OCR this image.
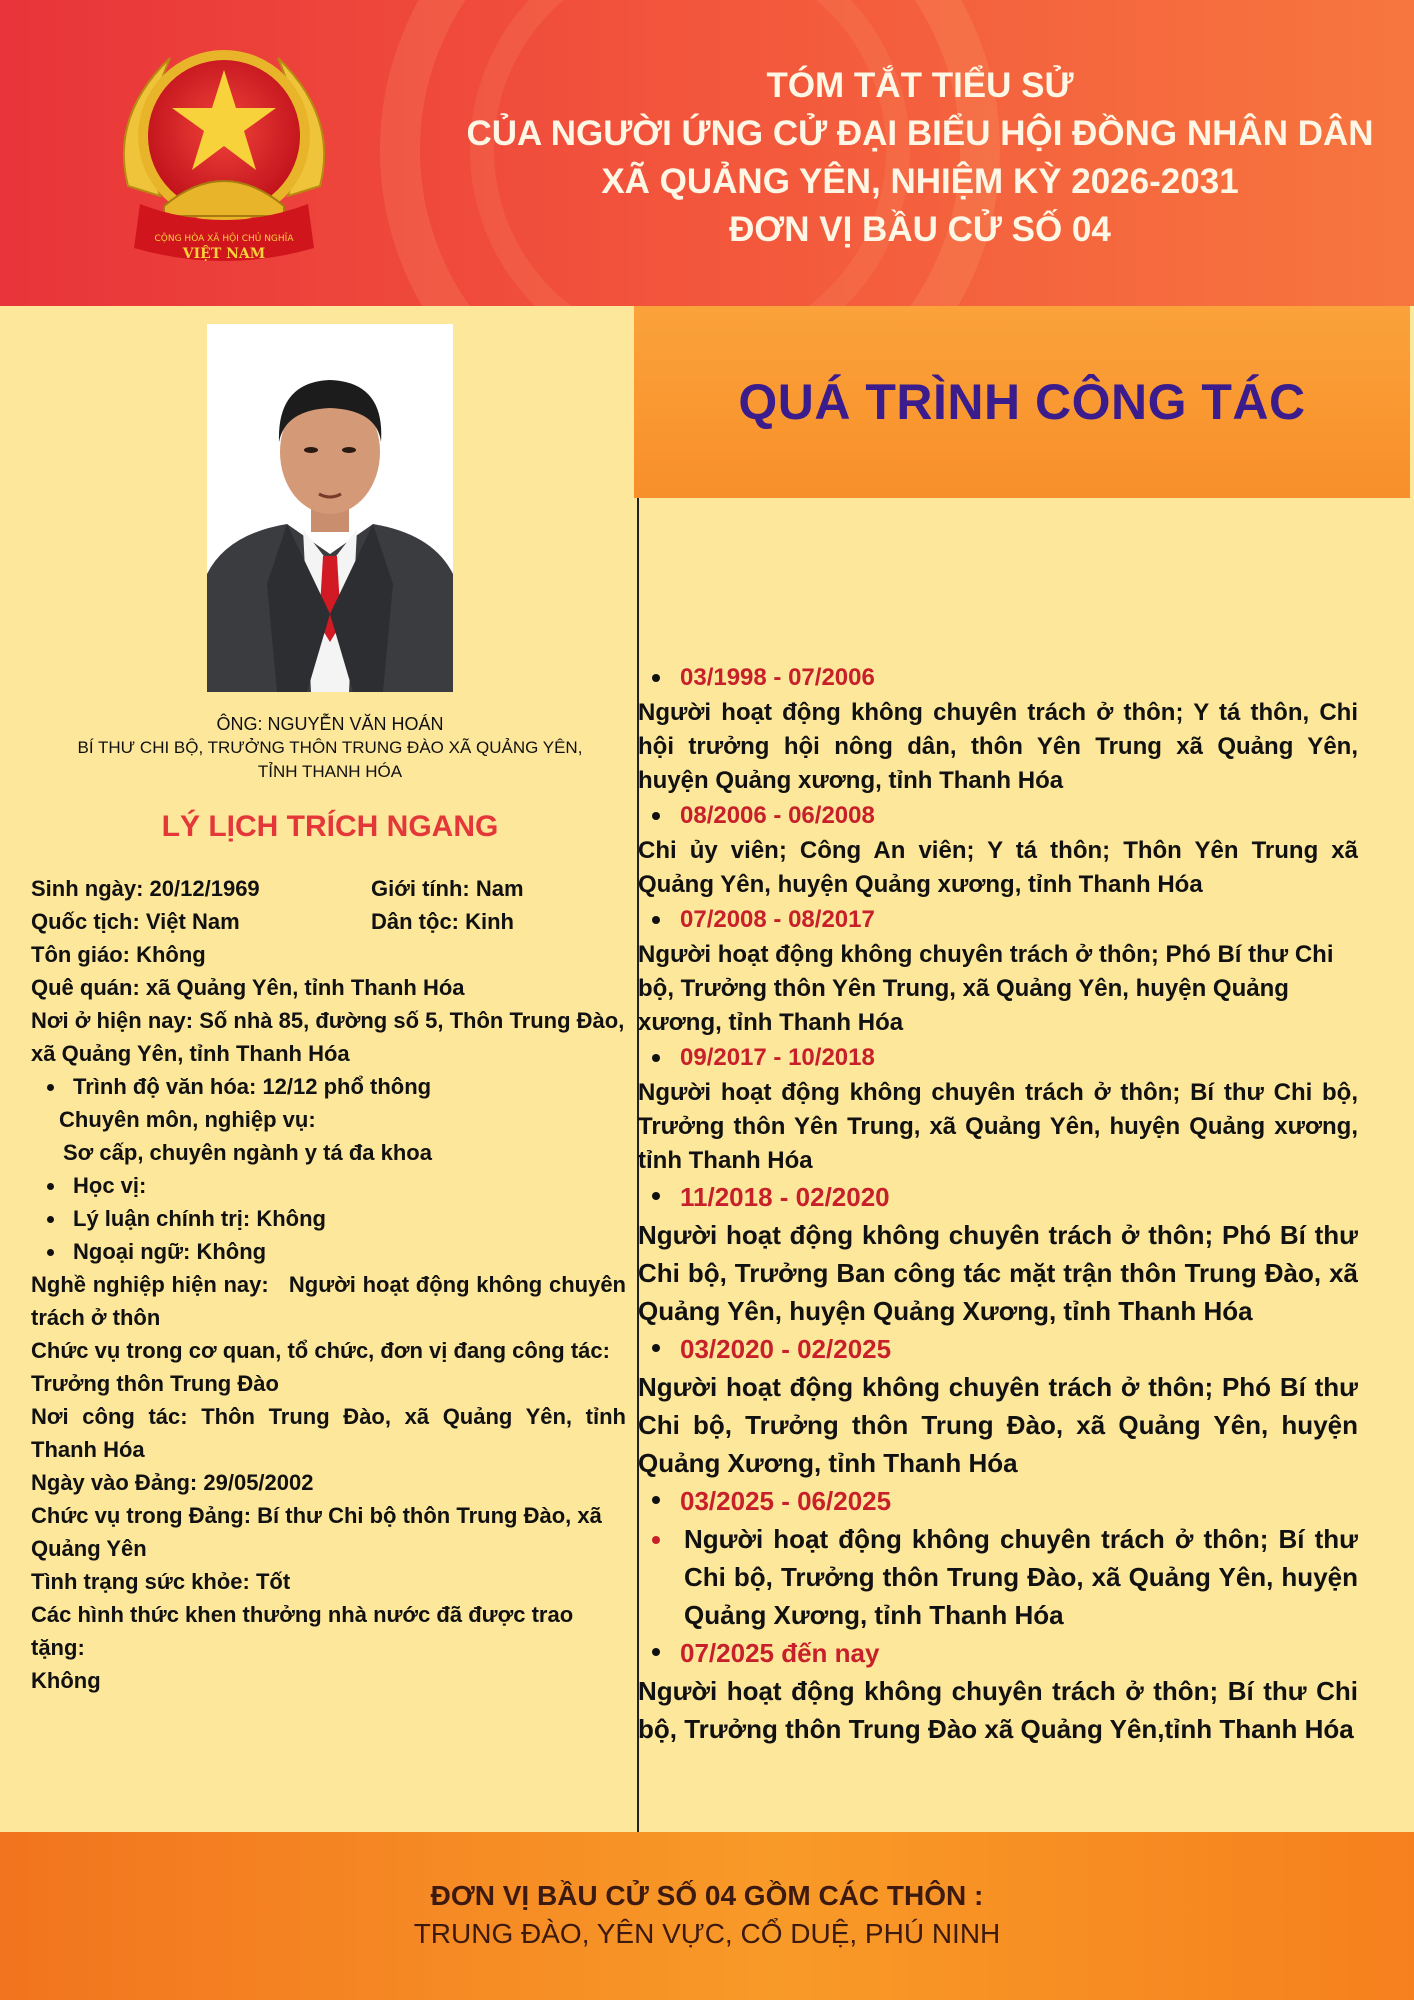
CỘNG HÒA XÃ HỘI CHỦ NGHĨA
VIỆT NAM
TÓM TẮT TIỂU SỬ
CỦA NGƯỜI ỨNG CỬ ĐẠI BIỂU HỘI ĐỒNG NHÂN DÂN
XÃ QUẢNG YÊN, NHIỆM KỲ 2026-2031
ĐƠN VỊ BẦU CỬ SỐ 04
ÔNG: NGUYỄN VĂN HOÁN
BÍ THƯ CHI BỘ, TRƯỞNG THÔN TRUNG ĐÀO XÃ QUẢNG YÊN,
TỈNH THANH HÓA
LÝ LỊCH TRÍCH NGANG
Sinh ngày: 20/12/1969	Giới tính: Nam
Quốc tịch: Việt Nam	Dân tộc: Kinh
Tôn giáo: Không
Quê quán: xã Quảng Yên, tỉnh Thanh Hóa
Nơi ở hiện nay: Số nhà 85, đường số 5, Thôn Trung Đào, xã Quảng Yên, tỉnh Thanh Hóa
Trình độ văn hóa: 12/12 phổ thông
Chuyên môn, nghiệp vụ:
Sơ cấp, chuyên ngành y tá đa khoa
Học vị:
Lý luận chính trị: Không
Ngoại ngữ: Không
Nghề nghiệp hiện nay:   Người hoạt động không chuyên trách ở thôn
Chức vụ trong cơ quan, tổ chức, đơn vị đang công tác:
Trưởng thôn Trung Đào
Nơi công tác: Thôn Trung Đào, xã Quảng Yên, tỉnh Thanh Hóa
Ngày vào Đảng: 29/05/2002
Chức vụ trong Đảng: Bí thư Chi bộ thôn Trung Đào, xã Quảng Yên
Tình trạng sức khỏe: Tốt
Các hình thức khen thưởng nhà nước đã được trao tặng:
Không
QUÁ TRÌNH CÔNG TÁC
03/1998 - 07/2006
Người hoạt động không chuyên trách ở thôn; Y tá thôn, Chi hội trưởng hội nông dân, thôn Yên Trung xã Quảng Yên, huyện Quảng xương, tỉnh Thanh Hóa
08/2006 - 06/2008
Chi ủy viên; Công An viên; Y tá thôn; Thôn Yên Trung xã Quảng Yên, huyện Quảng xương, tỉnh Thanh Hóa
07/2008 - 08/2017
Người hoạt động không chuyên trách ở thôn; Phó Bí thư Chi bộ, Trưởng thôn Yên Trung, xã Quảng Yên, huyện Quảng xương, tỉnh Thanh Hóa
09/2017 - 10/2018
Người hoạt động không chuyên trách ở thôn; Bí thư Chi bộ, Trưởng thôn Yên Trung, xã Quảng Yên, huyện Quảng xương, tỉnh Thanh Hóa
11/2018 - 02/2020
Người hoạt động không chuyên trách ở thôn; Phó Bí thư Chi bộ, Trưởng Ban công tác mặt trận thôn Trung Đào, xã Quảng Yên, huyện Quảng Xương, tỉnh Thanh Hóa
03/2020 - 02/2025
Người hoạt động không chuyên trách ở thôn; Phó Bí thư Chi bộ, Trưởng thôn Trung Đào, xã Quảng Yên, huyện Quảng Xương, tỉnh Thanh Hóa
03/2025 - 06/2025
Người hoạt động không chuyên trách ở thôn; Bí thư Chi bộ, Trưởng thôn Trung Đào, xã Quảng Yên, huyện Quảng Xương, tỉnh Thanh Hóa
07/2025 đến nay
Người hoạt động không chuyên trách ở thôn; Bí thư Chi bộ, Trưởng thôn Trung Đào xã Quảng Yên,tỉnh Thanh Hóa
ĐƠN VỊ BẦU CỬ SỐ 04 GỒM CÁC THÔN :
TRUNG ĐÀO, YÊN VỰC, CỔ DUỆ, PHÚ NINH
